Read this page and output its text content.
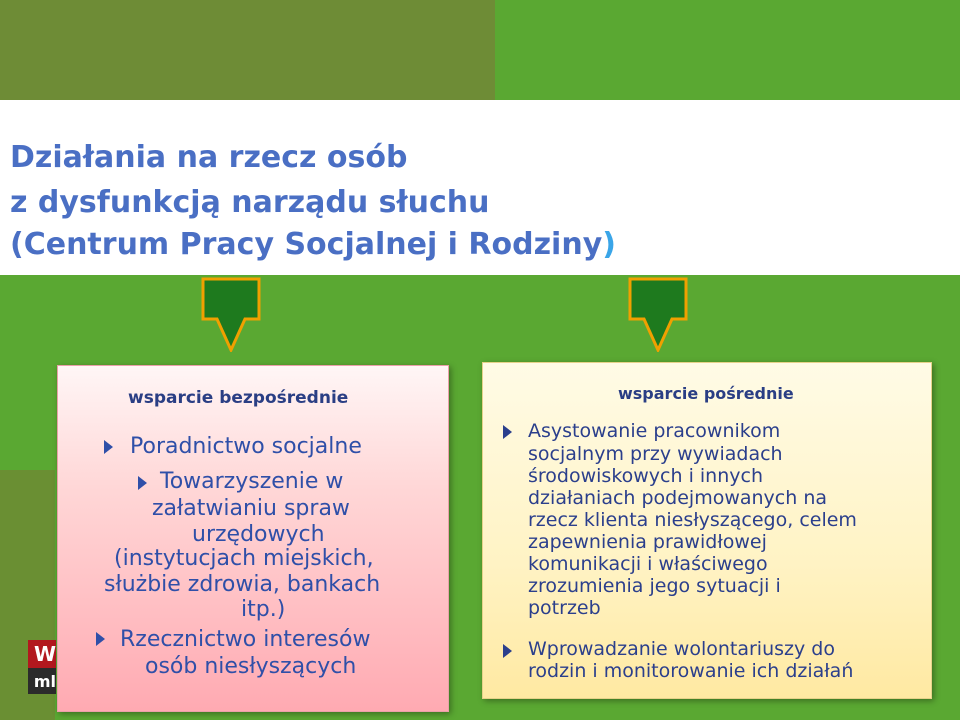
Działania na rzecz osób
z dysfunkcją narządu słuchu
(Centrum Pracy Socjalnej i Rodziny)
W
ml
wsparcie bezpośrednie
Poradnictwo socjalne
Towarzyszenie w
załatwianiu spraw
urzędowych
(instytucjach miejskich,
służbie zdrowia, bankach
itp.)
Rzecznictwo interesów
osób niesłyszących
wsparcie pośrednie
Asystowanie pracownikom
socjalnym przy wywiadach
środowiskowych i innych
działaniach podejmowanych na
rzecz klienta niesłyszącego, celem
zapewnienia prawidłowej
komunikacji i właściwego
zrozumienia jego sytuacji i
potrzeb
Wprowadzanie wolontariuszy do
rodzin i monitorowanie ich działań
